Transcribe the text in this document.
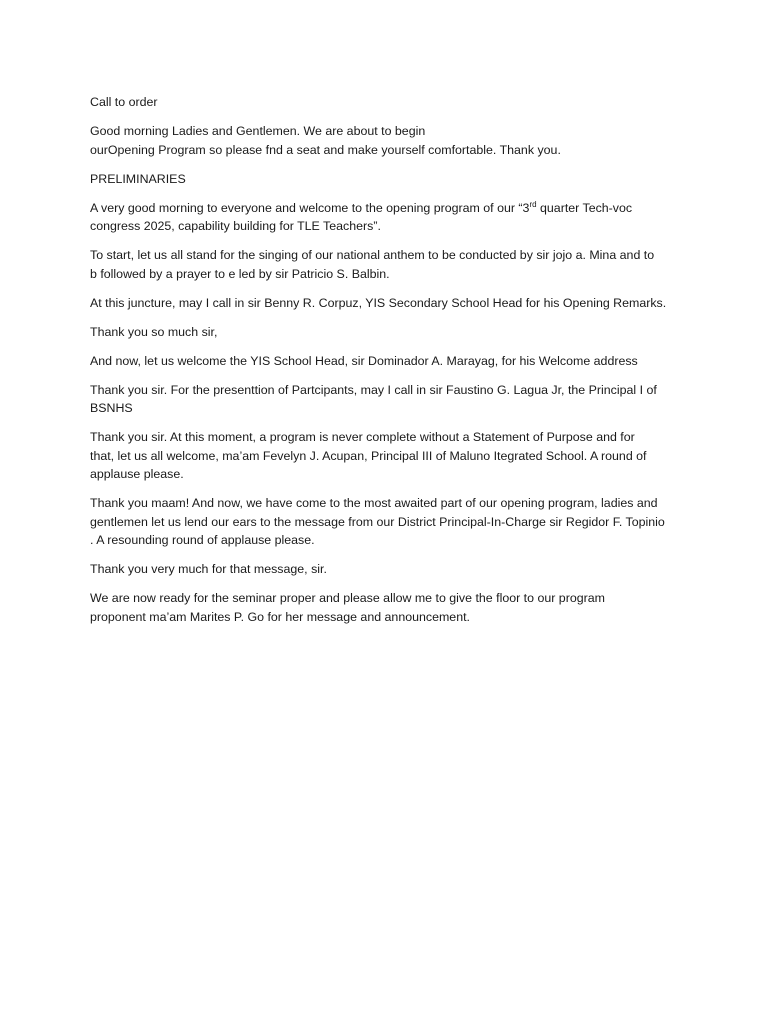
Call to order

Good morning Ladies and Gentlemen. We are about to begin
ourOpening Program so please fnd a seat and make yourself comfortable. Thank you.

PRELIMINARIES

A very good morning to everyone and welcome to the opening program of our “3rd quarter Tech-voc
congress 2025, capability building for TLE Teachers”.

To start, let us all stand for the singing of our national anthem to be conducted by sir jojo a. Mina and to
b followed by a prayer to e led by sir Patricio S. Balbin.

At this juncture, may I call in sir Benny R. Corpuz, YIS Secondary School Head for his Opening Remarks.

Thank you so much sir,

And now, let us welcome the YIS School Head, sir Dominador A. Marayag, for his Welcome address

Thank you sir. For the presenttion of Partcipants, may I call in sir Faustino G. Lagua Jr, the Principal I of
BSNHS

Thank you sir. At this moment, a program is never complete without a Statement of Purpose and for
that, let us all welcome, ma’am Fevelyn J. Acupan, Principal III of Maluno Itegrated School. A round of
applause please.

Thank you maam! And now, we have come to the most awaited part of our opening program, ladies and
gentlemen let us lend our ears to the message from our District Principal-In-Charge sir Regidor F. Topinio
. A resounding round of applause please.

Thank you very much for that message, sir.

We are now ready for the seminar proper and please allow me to give the floor to our program
proponent ma’am Marites P. Go for her message and announcement.
